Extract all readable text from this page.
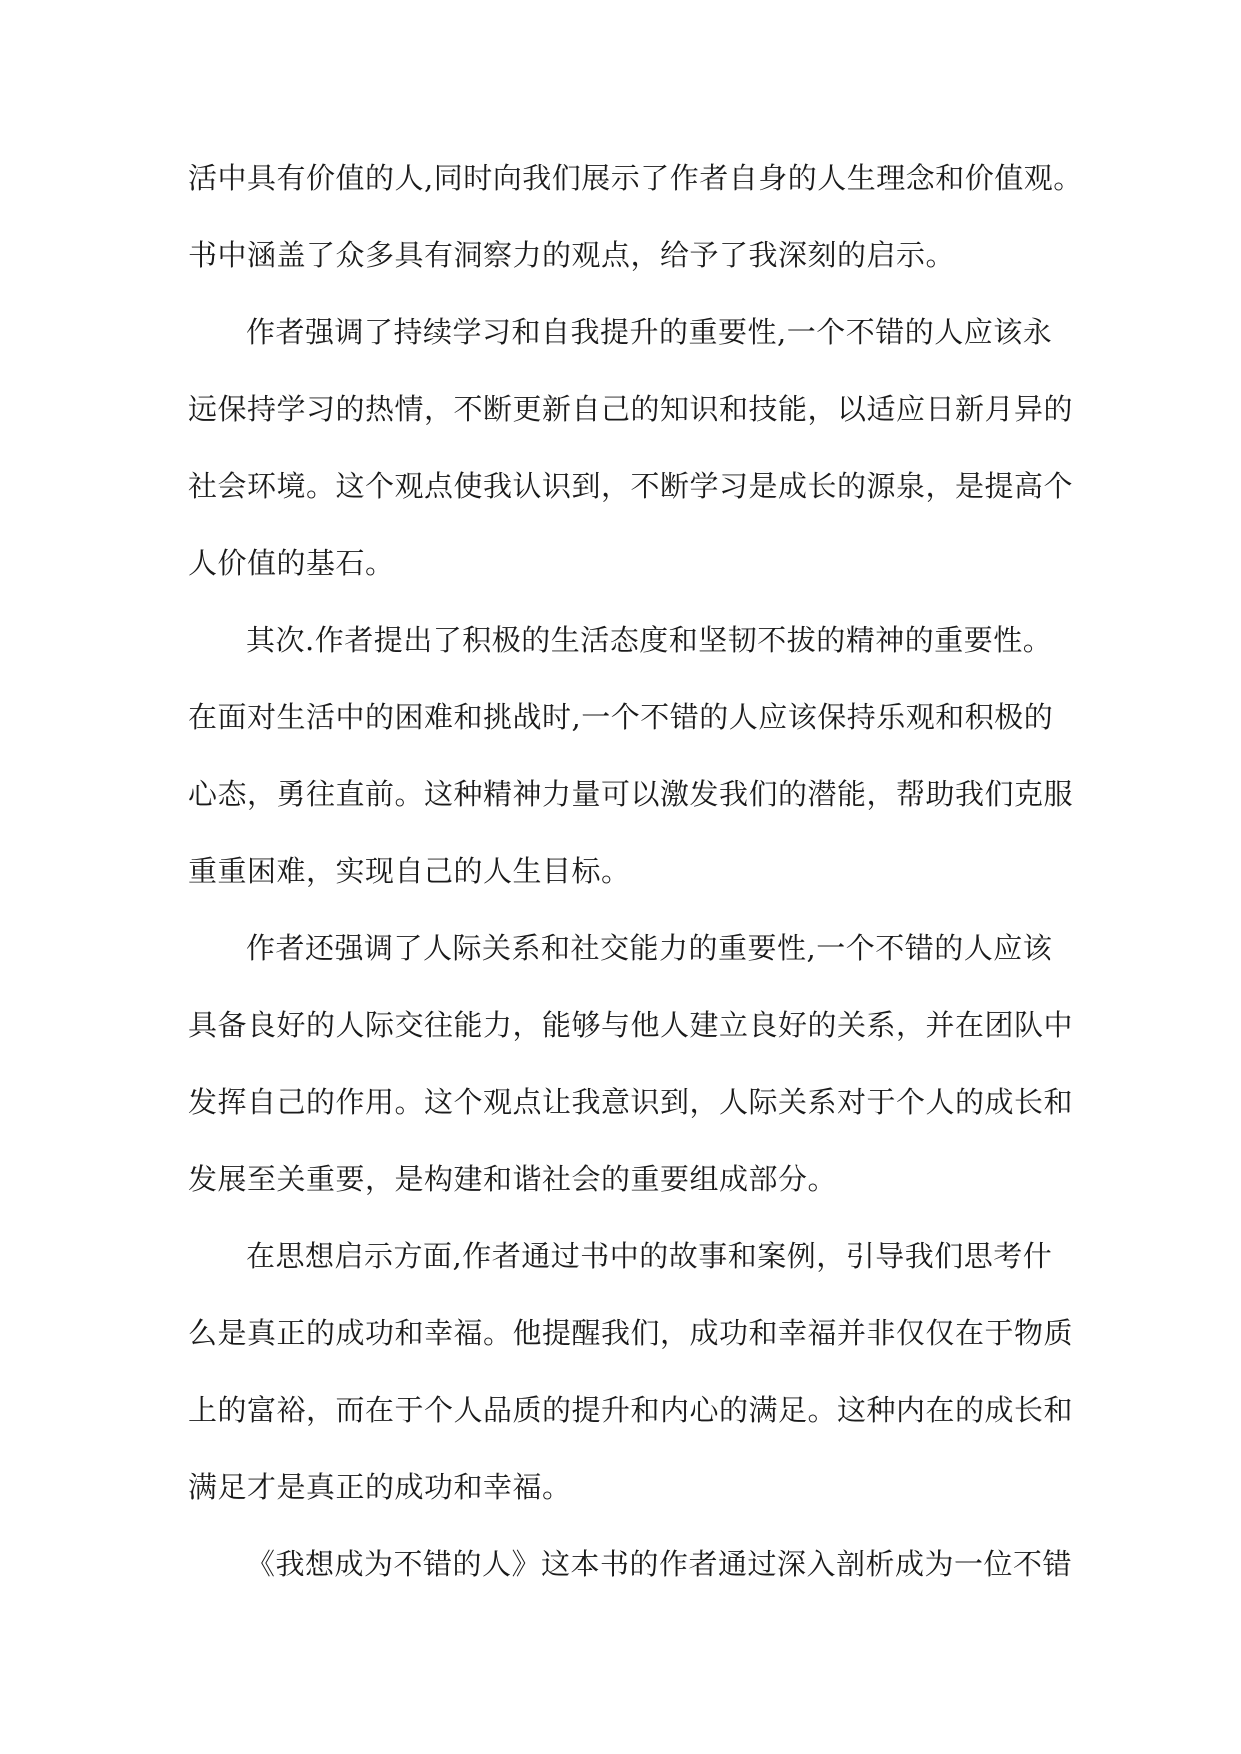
活中具有价值的人,同时向我们展示了作者自身的人生理念和价值观。
书中涵盖了众多具有洞察力的观点，给予了我深刻的启示。
作者强调了持续学习和自我提升的重要性,一个不错的人应该永
远保持学习的热情，不断更新自己的知识和技能，以适应日新月异的
社会环境。这个观点使我认识到，不断学习是成长的源泉，是提高个
人价值的基石。
其次.作者提出了积极的生活态度和坚韧不拔的精神的重要性。
在面对生活中的困难和挑战时,一个不错的人应该保持乐观和积极的
心态，勇往直前。这种精神力量可以激发我们的潜能，帮助我们克服
重重困难，实现自己的人生目标。
作者还强调了人际关系和社交能力的重要性,一个不错的人应该
具备良好的人际交往能力，能够与他人建立良好的关系，并在团队中
发挥自己的作用。这个观点让我意识到，人际关系对于个人的成长和
发展至关重要，是构建和谐社会的重要组成部分。
在思想启示方面,作者通过书中的故事和案例，引导我们思考什
么是真正的成功和幸福。他提醒我们，成功和幸福并非仅仅在于物质
上的富裕，而在于个人品质的提升和内心的满足。这种内在的成长和
满足才是真正的成功和幸福。
《我想成为不错的人》这本书的作者通过深入剖析成为一位不错
